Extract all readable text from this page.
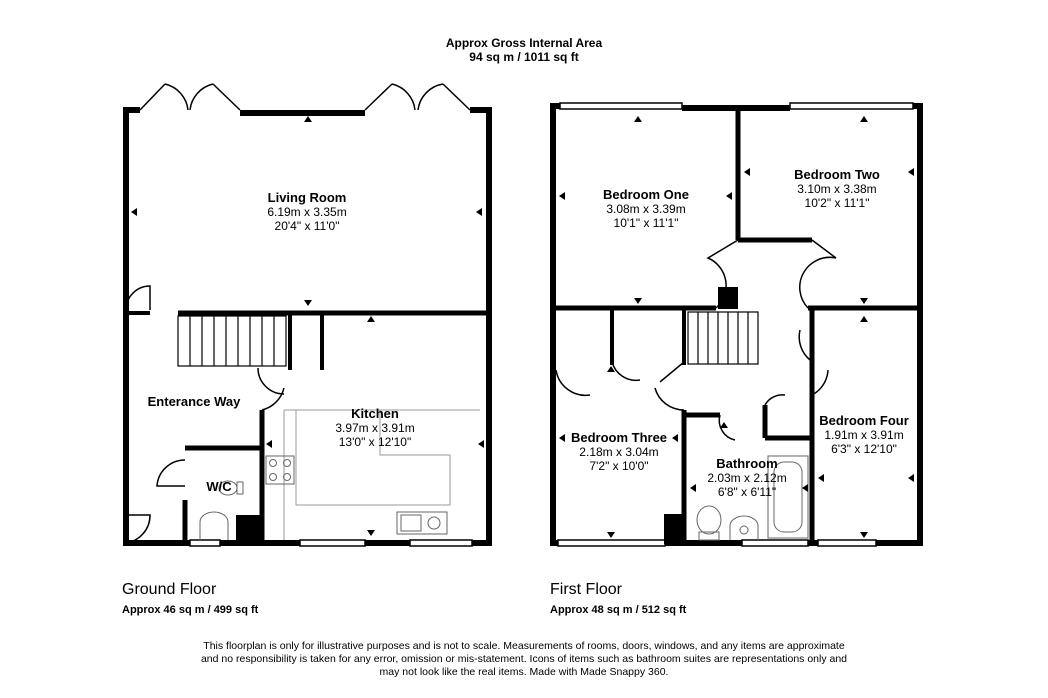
Approx Gross Internal Area
94 sq m / 1011 sq ft
Living Room
6.19m x 3.35m
20'4" x 11'0"
Enterance Way
Kitchen
3.97m x 3.91m
13'0" x 12'10"
W/C
Bedroom One
3.08m x 3.39m
10'1" x 11'1"
Bedroom Two
3.10m x 3.38m
10'2" x 11'1"
Bedroom Three
2.18m x 3.04m
7'2" x 10'0"	Bathroom
2.03m x 2.12m
6'8" x 6'11"
Bedroom Four
1.91m x 3.91m
6'3" x 12'10"
Ground Floor
Approx 46 sq m / 499 sq ft
First Floor
Approx 48 sq m / 512 sq ft
This floorplan is only for illustrative purposes and is not to scale. Measurements of rooms, doors, windows, and any items are approximate
and no responsibility is taken for any error, omission or mis-statement. Icons of items such as bathroom suites are representations only and
may not look like the real items. Made with Made Snappy 360.
